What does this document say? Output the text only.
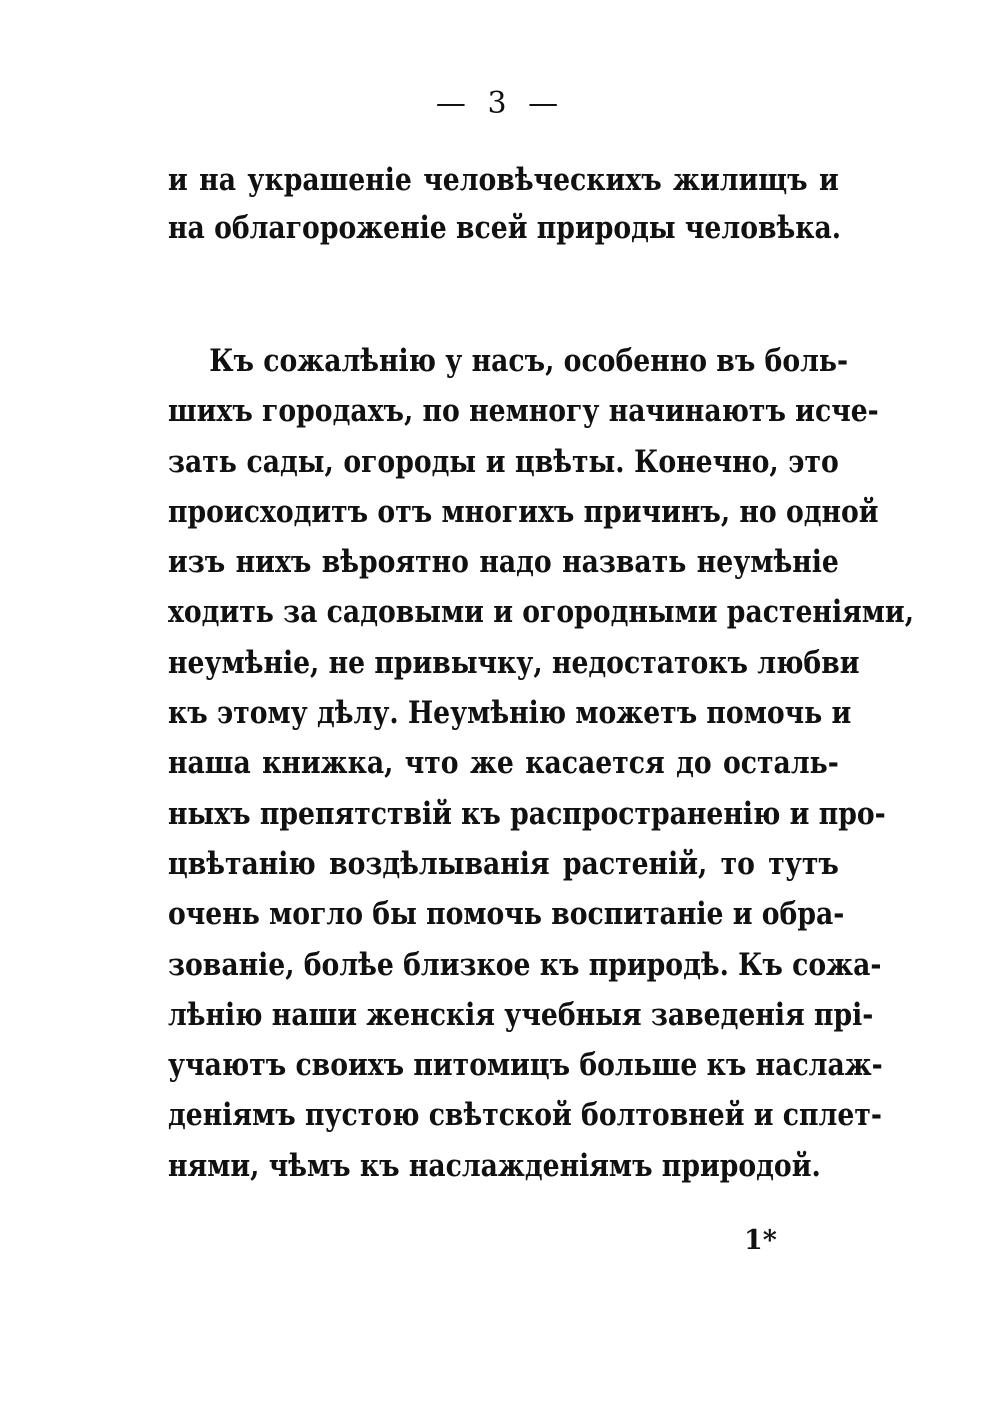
— 3 —
и на украшеніе человѣческихъ жилищъ и
на облагороженіе всей природы человѣка.
Къ сожалѣнію у насъ, особенно въ боль-
шихъ городахъ, по немногу начинаютъ исче-
зать сады, огороды и цвѣты. Конечно, это
происходитъ отъ многихъ причинъ, но одной
изъ нихъ вѣроятно надо назвать неумѣніе
ходить за садовыми и огородными растеніями,
неумѣніе, не привычку, недостатокъ любви
къ этому дѣлу. Неумѣнію можетъ помочь и
наша книжка, что же касается до осталь-
ныхъ препятствій къ распространенію и про-
цвѣтанію воздѣлыванія растеній, то тутъ
очень могло бы помочь воспитаніе и обра-
зованіе, болѣе близкое къ природѣ. Къ сожа-
лѣнію наши женскія учебныя заведенія прі-
учаютъ своихъ питомицъ больше къ наслаж-
деніямъ пустою свѣтской болтовней и сплет-
нями, чѣмъ къ наслажденіямъ природой.
1*
